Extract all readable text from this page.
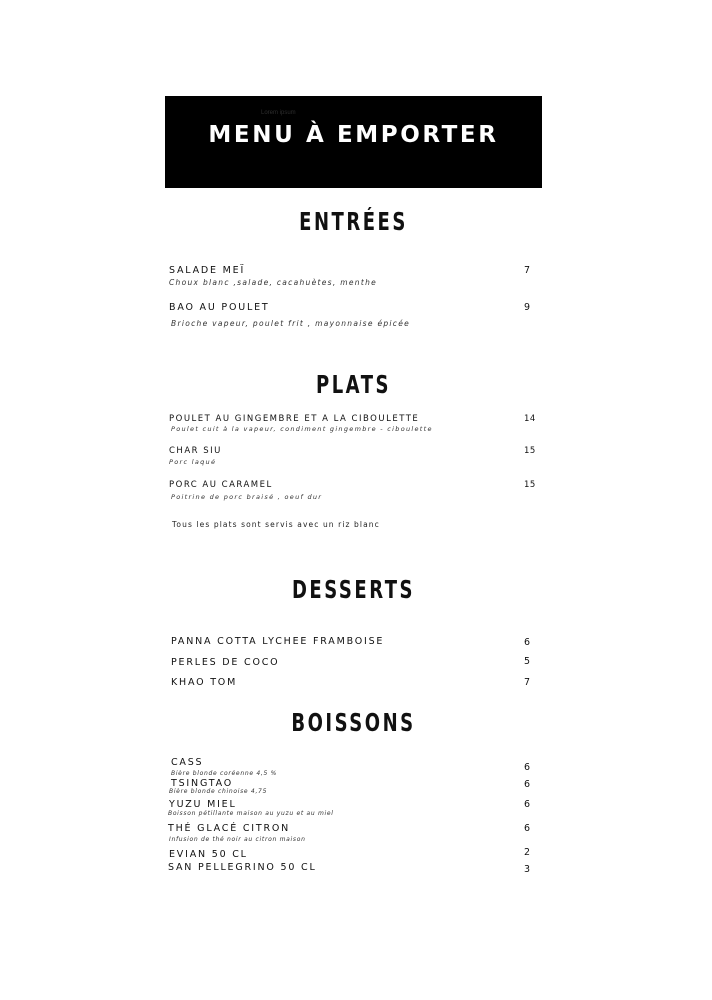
Lorem ipsum
MENU À EMPORTER
ENTRÉES
SALADE MEÏ
Choux blanc ,salade, cacahuètes, menthe
7
BAO AU POULET
Brioche vapeur, poulet frit , mayonnaise épicée
9
PLATS
POULET AU GINGEMBRE ET A LA CIBOULETTE
Poulet cuit à la vapeur, condiment gingembre - ciboulette
14
CHAR SIU
Porc laqué
15
PORC AU CARAMEL
Poitrine de porc braisé , oeuf dur
15
Tous les plats sont servis avec un riz blanc
DESSERTS
PANNA COTTA LYCHEE FRAMBOISE	6
PERLES DE COCO	5
KHAO TOM	7
BOISSONS
CASS
Bière blonde coréenne 4,5 %
6
TSINGTAO
Bière blonde chinoise 4,75
6
YUZU MIEL
Boisson pétillante maison au yuzu et au miel
6
THÉ GLACÉ CITRON
Infusion de thé noir au citron maison
6
EVIAN 50 CL	2
SAN PELLEGRINO 50 CL	3
